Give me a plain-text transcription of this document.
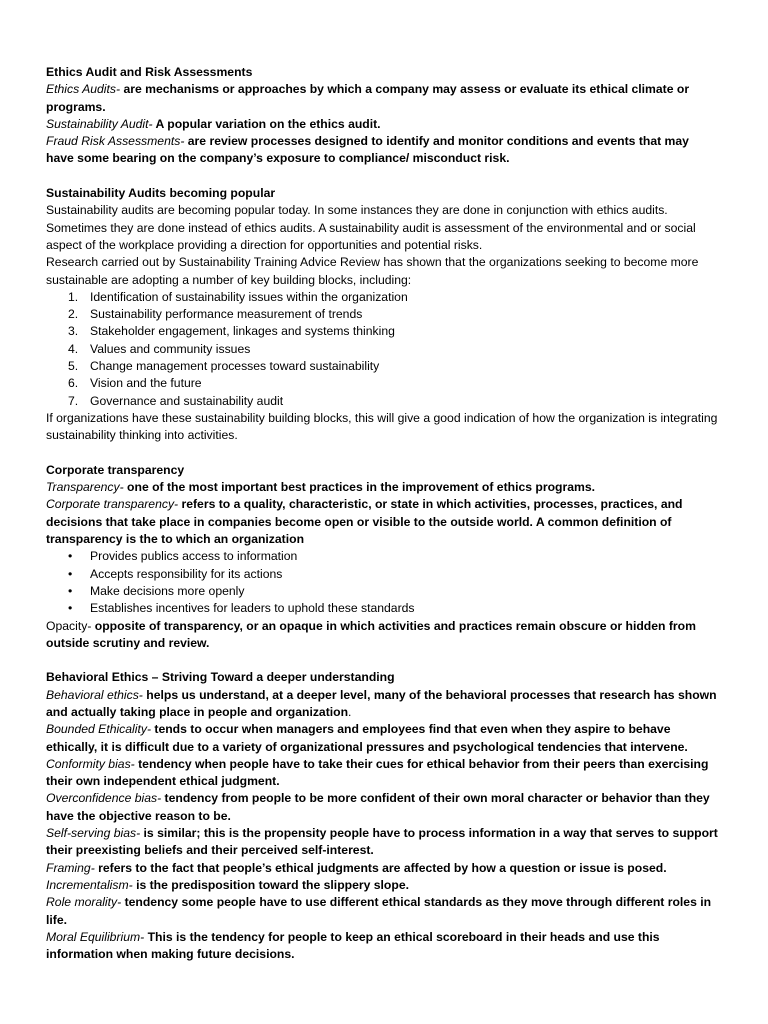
Ethics Audit and Risk Assessments

Ethics Audits- are mechanisms or approaches by which a company may assess or evaluate its ethical climate or programs.

Sustainability Audit- A popular variation on the ethics audit.

Fraud Risk Assessments- are review processes designed to identify and monitor conditions and events that may have some bearing on the company’s exposure to compliance/ misconduct risk.

Sustainability Audits becoming popular

Sustainability audits are becoming popular today. In some instances they are done in conjunction with ethics audits. Sometimes they are done instead of ethics audits. A sustainability audit is assessment of the environmental and or social aspect of the workplace providing a direction for opportunities and potential risks.

Research carried out by Sustainability Training Advice Review has shown that the organizations seeking to become more sustainable are adopting a number of key building blocks, including:

1. Identification of sustainability issues within the organization
2. Sustainability performance measurement of trends
3. Stakeholder engagement, linkages and systems thinking
4. Values and community issues
5. Change management processes toward sustainability
6. Vision and the future
7. Governance and sustainability audit

If organizations have these sustainability building blocks, this will give a good indication of how the organization is integrating sustainability thinking into activities.

Corporate transparency

Transparency- one of the most important best practices in the improvement of ethics programs.

Corporate transparency- refers to a quality, characteristic, or state in which activities, processes, practices, and decisions that take place in companies become open or visible to the outside world. A common definition of transparency is the to which an organization

•	Provides publics access to information
•	Accepts responsibility for its actions
•	Make decisions more openly
•	Establishes incentives for leaders to uphold these standards

Opacity- opposite of transparency, or an opaque in which activities and practices remain obscure or hidden from outside scrutiny and review.

Behavioral Ethics – Striving Toward a deeper understanding

Behavioral ethics- helps us understand, at a deeper level, many of the behavioral processes that research has shown and actually taking place in people and organization.

Bounded Ethicality- tends to occur when managers and employees find that even when they aspire to behave ethically, it is difficult due to a variety of organizational pressures and psychological tendencies that intervene.

Conformity bias- tendency when people have to take their cues for ethical behavior from their peers than exercising their own independent ethical judgment.

Overconfidence bias- tendency from people to be more confident of their own moral character or behavior than they have the objective reason to be.

Self-serving bias- is similar; this is the propensity people have to process information in a way that serves to support their preexisting beliefs and their perceived self-interest.

Framing- refers to the fact that people’s ethical judgments are affected by how a question or issue is posed.

Incrementalism- is the predisposition toward the slippery slope.

Role morality- tendency some people have to use different ethical standards as they move through different roles in life.

Moral Equilibrium- This is the tendency for people to keep an ethical scoreboard in their heads and use this information when making future decisions.
